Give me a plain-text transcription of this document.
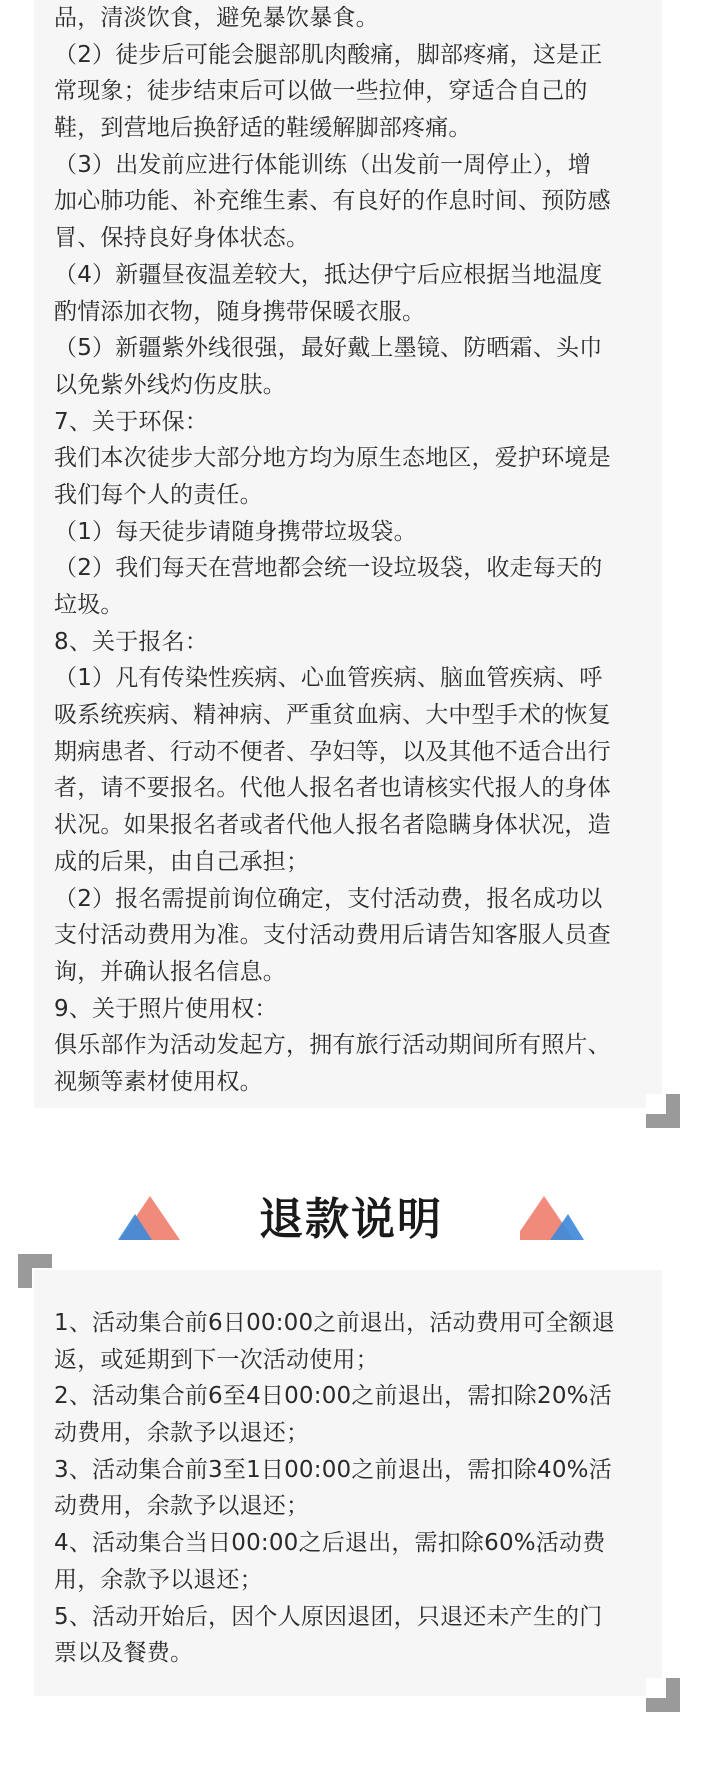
品，清淡饮食，避免暴饮暴食。
（2）徒步后可能会腿部肌肉酸痛，脚部疼痛，这是正
常现象；徒步结束后可以做一些拉伸，穿适合自己的
鞋，到营地后换舒适的鞋缓解脚部疼痛。
（3）出发前应进行体能训练（出发前一周停止），增
加心肺功能、补充维生素、有良好的作息时间、预防感
冒、保持良好身体状态。
（4）新疆昼夜温差较大，抵达伊宁后应根据当地温度
酌情添加衣物，随身携带保暖衣服。
（5）新疆紫外线很强，最好戴上墨镜、防晒霜、头巾
以免紫外线灼伤皮肤。
7、关于环保：
我们本次徒步大部分地方均为原生态地区，爱护环境是
我们每个人的责任。
（1）每天徒步请随身携带垃圾袋。
（2）我们每天在营地都会统一设垃圾袋，收走每天的
垃圾。
8、关于报名：
（1）凡有传染性疾病、心血管疾病、脑血管疾病、呼
吸系统疾病、精神病、严重贫血病、大中型手术的恢复
期病患者、行动不便者、孕妇等，以及其他不适合出行
者，请不要报名。代他人报名者也请核实代报人的身体
状况。如果报名者或者代他人报名者隐瞒身体状况，造
成的后果，由自己承担；
（2）报名需提前询位确定，支付活动费，报名成功以
支付活动费用为准。支付活动费用后请告知客服人员查
询，并确认报名信息。
9、关于照片使用权：
俱乐部作为活动发起方，拥有旅行活动期间所有照片、
视频等素材使用权。
退款说明
1、活动集合前6日00:00之前退出，活动费用可全额退
返，或延期到下一次活动使用；
2、活动集合前6至4日00:00之前退出，需扣除20%活
动费用，余款予以退还；
3、活动集合前3至1日00:00之前退出，需扣除40%活
动费用，余款予以退还；
4、活动集合当日00:00之后退出，需扣除60%活动费
用，余款予以退还；
5、活动开始后，因个人原因退团，只退还未产生的门
票以及餐费。
